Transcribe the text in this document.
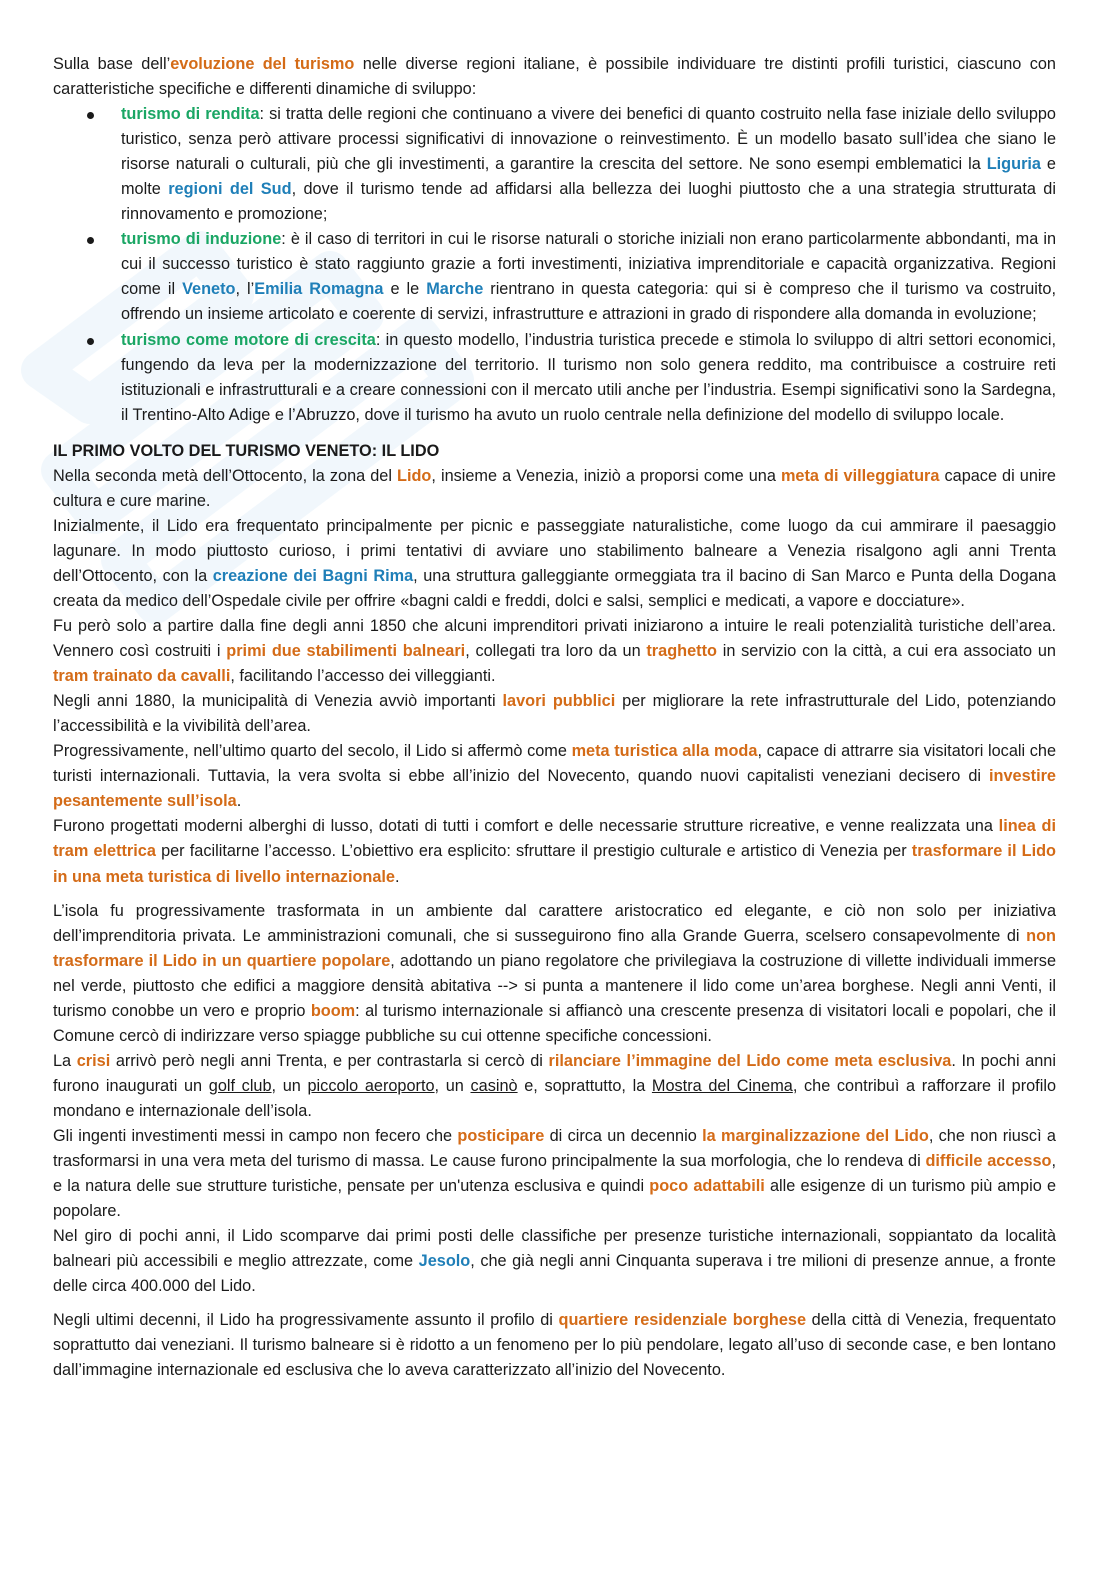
Sulla base dell’evoluzione del turismo nelle diverse regioni italiane, è possibile individuare tre distinti profili turistici, ciascuno con caratteristiche specifiche e differenti dinamiche di sviluppo:

turismo di rendita: si tratta delle regioni che continuano a vivere dei benefici di quanto costruito nella fase iniziale dello sviluppo turistico, senza però attivare processi significativi di innovazione o reinvestimento. È un modello basato sull’idea che siano le risorse naturali o culturali, più che gli investimenti, a garantire la crescita del settore. Ne sono esempi emblematici la Liguria e molte regioni del Sud, dove il turismo tende ad affidarsi alla bellezza dei luoghi piuttosto che a una strategia strutturata di rinnovamento e promozione;
turismo di induzione: è il caso di territori in cui le risorse naturali o storiche iniziali non erano particolarmente abbondanti, ma in cui il successo turistico è stato raggiunto grazie a forti investimenti, iniziativa imprenditoriale e capacità organizzativa. Regioni come il Veneto, l’Emilia Romagna e le Marche rientrano in questa categoria: qui si è compreso che il turismo va costruito, offrendo un insieme articolato e coerente di servizi, infrastrutture e attrazioni in grado di rispondere alla domanda in evoluzione;
turismo come motore di crescita: in questo modello, l’industria turistica precede e stimola lo sviluppo di altri settori economici, fungendo da leva per la modernizzazione del territorio. Il turismo non solo genera reddito, ma contribuisce a costruire reti istituzionali e infrastrutturali e a creare connessioni con il mercato utili anche per l’industria. Esempi significativi sono la Sardegna, il Trentino-Alto Adige e l’Abruzzo, dove il turismo ha avuto un ruolo centrale nella definizione del modello di sviluppo locale.
IL PRIMO VOLTO DEL TURISMO VENETO: IL LIDO

Nella seconda metà dell’Ottocento, la zona del Lido, insieme a Venezia, iniziò a proporsi come una meta di villeggiatura capace di unire cultura e cure marine.

Inizialmente, il Lido era frequentato principalmente per picnic e passeggiate naturalistiche, come luogo da cui ammirare il paesaggio lagunare. In modo piuttosto curioso, i primi tentativi di avviare uno stabilimento balneare a Venezia risalgono agli anni Trenta dell’Ottocento, con la creazione dei Bagni Rima, una struttura galleggiante ormeggiata tra il bacino di San Marco e Punta della Dogana creata da medico dell’Ospedale civile per offrire «bagni caldi e freddi, dolci e salsi, semplici e medicati, a vapore e docciature».

Fu però solo a partire dalla fine degli anni 1850 che alcuni imprenditori privati iniziarono a intuire le reali potenzialità turistiche dell’area. Vennero così costruiti i primi due stabilimenti balneari, collegati tra loro da un traghetto in servizio con la città, a cui era associato un tram trainato da cavalli, facilitando l’accesso dei villeggianti.

Negli anni 1880, la municipalità di Venezia avviò importanti lavori pubblici per migliorare la rete infrastrutturale del Lido, potenziando l’accessibilità e la vivibilità dell’area.

Progressivamente, nell’ultimo quarto del secolo, il Lido si affermò come meta turistica alla moda, capace di attrarre sia visitatori locali che turisti internazionali. Tuttavia, la vera svolta si ebbe all’inizio del Novecento, quando nuovi capitalisti veneziani decisero di investire pesantemente sull’isola.

Furono progettati moderni alberghi di lusso, dotati di tutti i comfort e delle necessarie strutture ricreative, e venne realizzata una linea di tram elettrica per facilitarne l’accesso. L’obiettivo era esplicito: sfruttare il prestigio culturale e artistico di Venezia per trasformare il Lido in una meta turistica di livello internazionale.

L’isola fu progressivamente trasformata in un ambiente dal carattere aristocratico ed elegante, e ciò non solo per iniziativa dell’imprenditoria privata. Le amministrazioni comunali, che si susseguirono fino alla Grande Guerra, scelsero consapevolmente di non trasformare il Lido in un quartiere popolare, adottando un piano regolatore che privilegiava la costruzione di villette individuali immerse nel verde, piuttosto che edifici a maggiore densità abitativa --> si punta a mantenere il lido come un’area borghese. Negli anni Venti, il turismo conobbe un vero e proprio boom: al turismo internazionale si affiancò una crescente presenza di visitatori locali e popolari, che il Comune cercò di indirizzare verso spiagge pubbliche su cui ottenne specifiche concessioni.

La crisi arrivò però negli anni Trenta, e per contrastarla si cercò di rilanciare l’immagine del Lido come meta esclusiva. In pochi anni furono inaugurati un golf club, un piccolo aeroporto, un casinò e, soprattutto, la Mostra del Cinema, che contribuì a rafforzare il profilo mondano e internazionale dell’isola.

Gli ingenti investimenti messi in campo non fecero che posticipare di circa un decennio la marginalizzazione del Lido, che non riuscì a trasformarsi in una vera meta del turismo di massa. Le cause furono principalmente la sua morfologia, che lo rendeva di difficile accesso, e la natura delle sue strutture turistiche, pensate per un'utenza esclusiva e quindi poco adattabili alle esigenze di un turismo più ampio e popolare.

Nel giro di pochi anni, il Lido scomparve dai primi posti delle classifiche per presenze turistiche internazionali, soppiantato da località balneari più accessibili e meglio attrezzate, come Jesolo, che già negli anni Cinquanta superava i tre milioni di presenze annue, a fronte delle circa 400.000 del Lido.

Negli ultimi decenni, il Lido ha progressivamente assunto il profilo di quartiere residenziale borghese della città di Venezia, frequentato soprattutto dai veneziani. Il turismo balneare si è ridotto a un fenomeno per lo più pendolare, legato all’uso di seconde case, e ben lontano dall’immagine internazionale ed esclusiva che lo aveva caratterizzato all’inizio del Novecento.
